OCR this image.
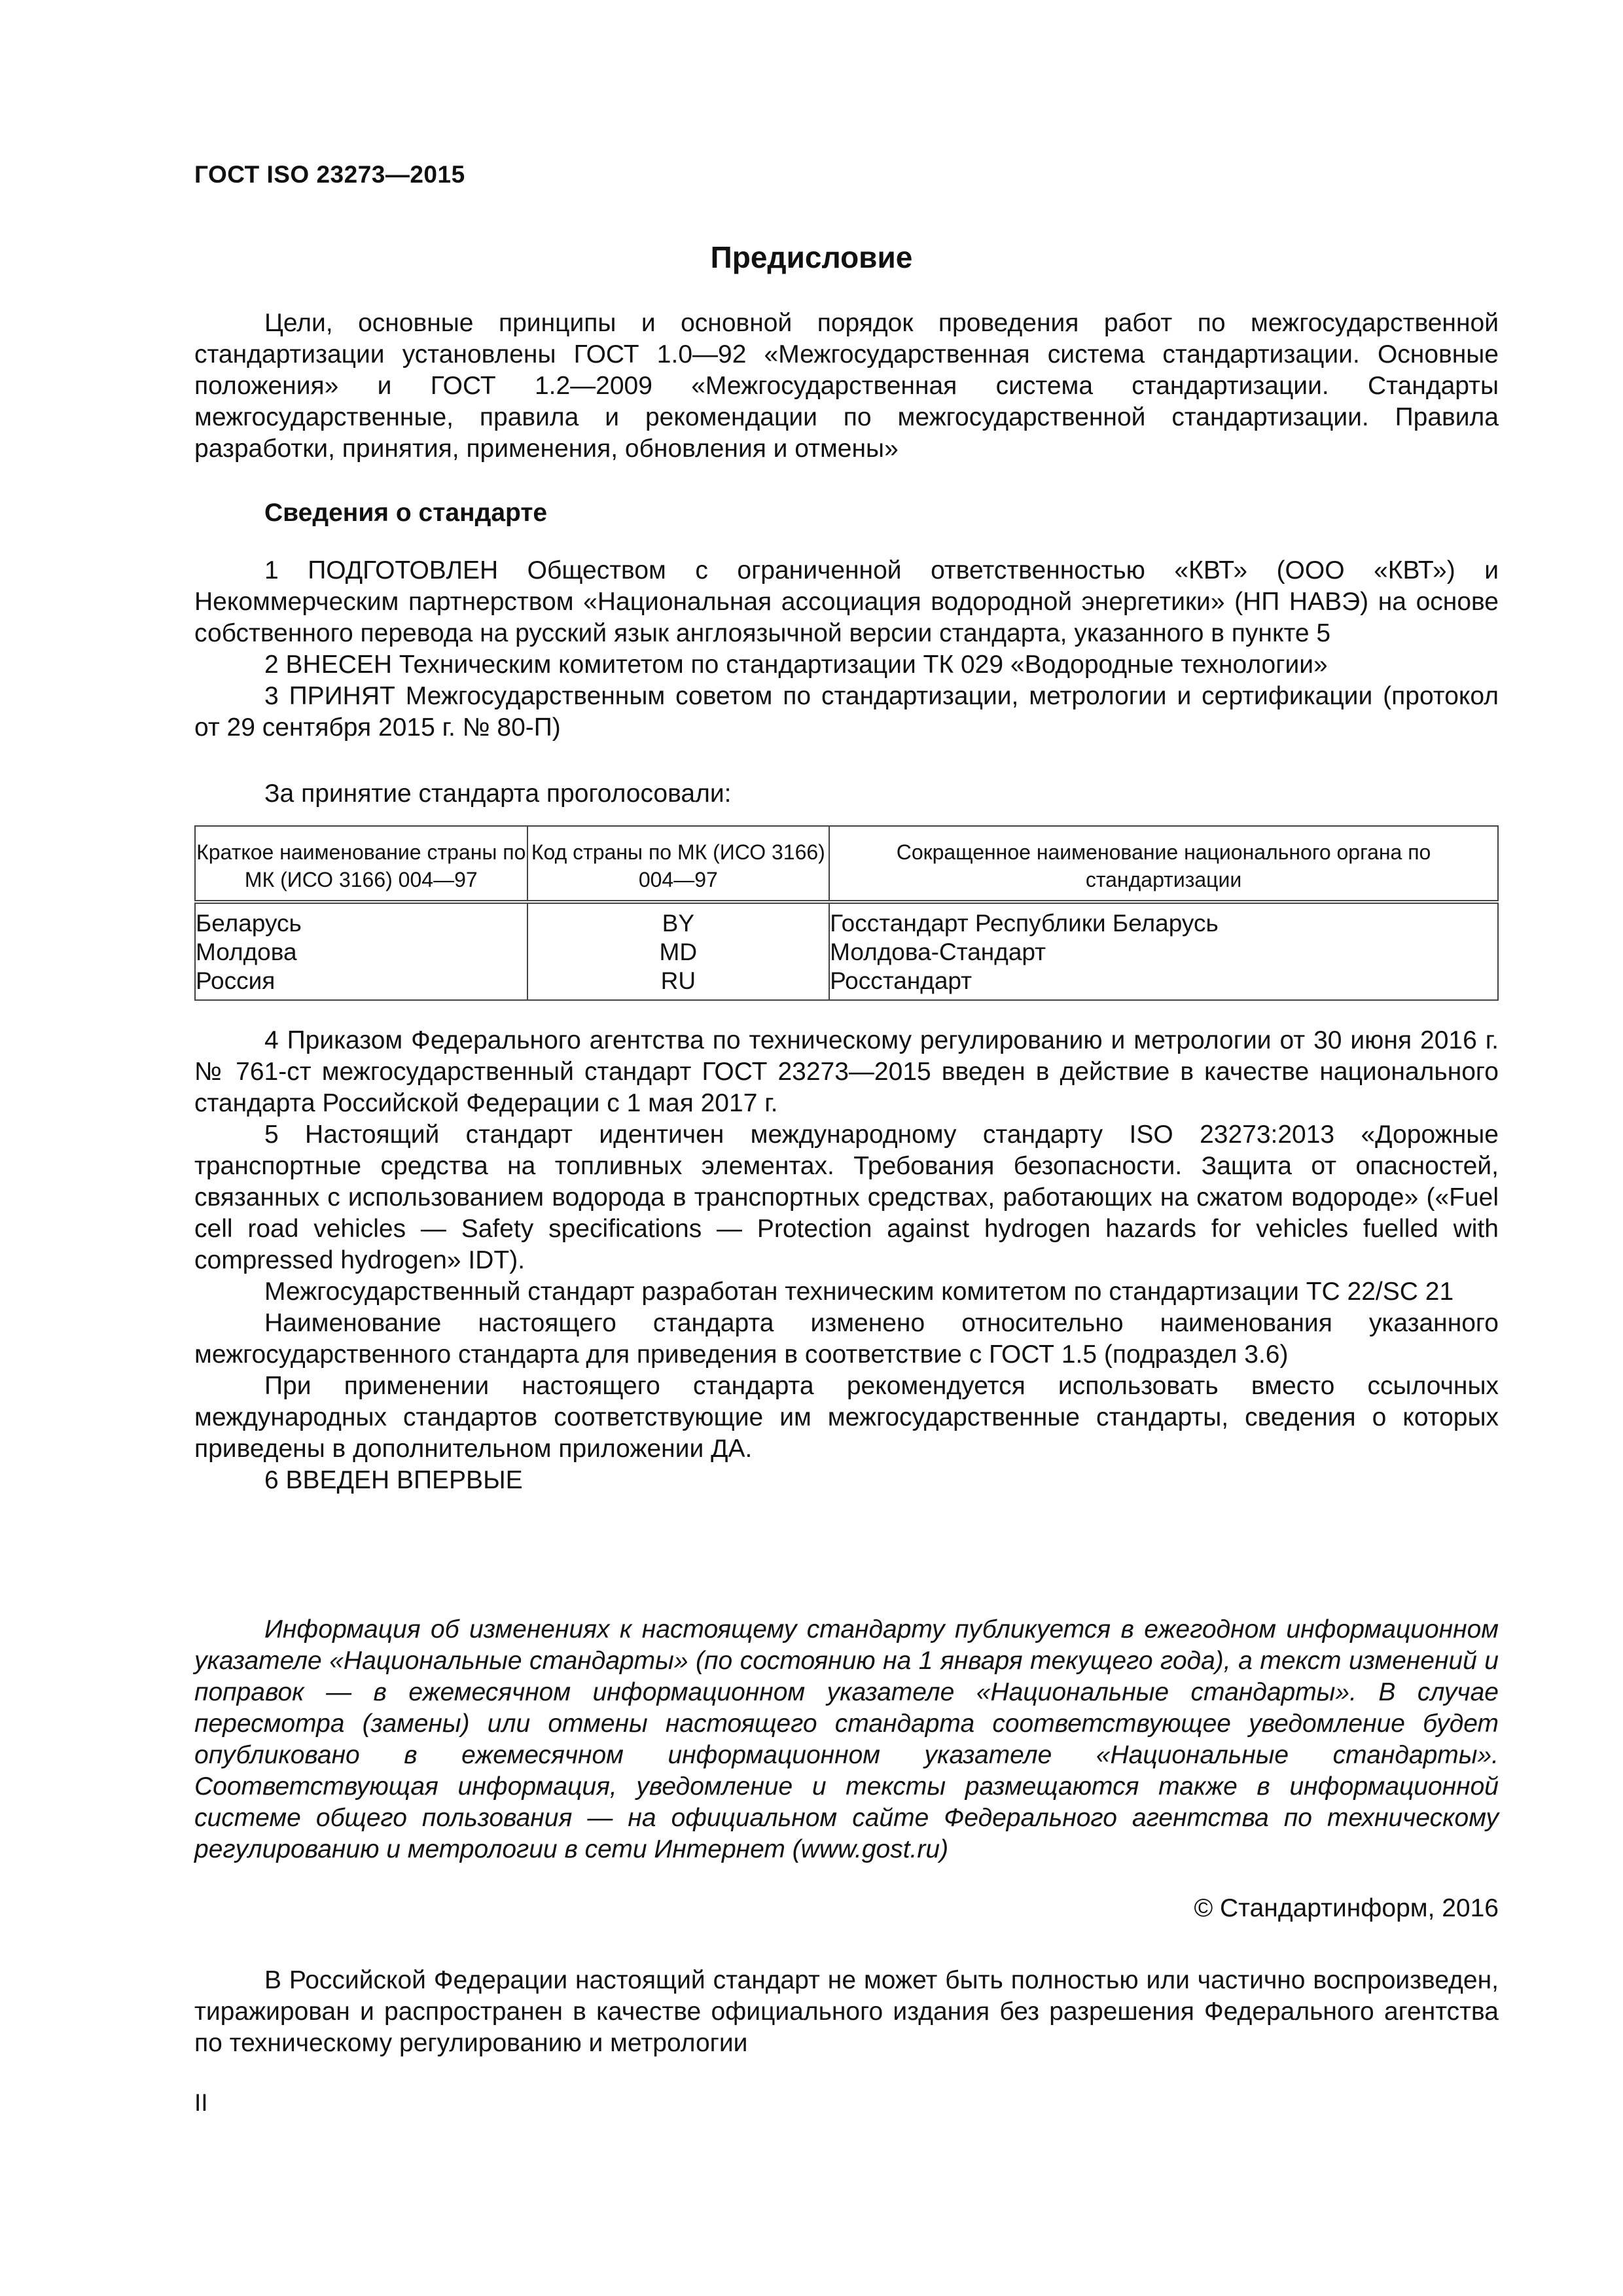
ГОСТ ISO 23273—2015
Предисловие

Цели, основные принципы и основной порядок проведения работ по межгосударственной стандартизации установлены ГОСТ 1.0—92 «Межгосударственная система стандартизации. Основные положения» и ГОСТ 1.2—2009 «Межгосударственная система стандартизации. Стандарты межгосударственные, правила и рекомендации по межгосударственной стандартизации. Правила разработки, принятия, применения, обновления и отмены»

Сведения о стандарте

1 ПОДГОТОВЛЕН Обществом с ограниченной ответственностью «КВТ» (ООО «КВТ») и Некоммерческим партнерством «Национальная ассоциация водородной энергетики» (НП НАВЭ) на основе собственного перевода на русский язык англоязычной версии стандарта, указанного в пункте 5

2 ВНЕСЕН Техническим комитетом по стандартизации ТК 029 «Водородные технологии»

3 ПРИНЯТ Межгосударственным советом по стандартизации, метрологии и сертификации (протокол от 29 сентября 2015 г. № 80-П)

За принятие стандарта проголосовали:
Краткое наименование страны по МК (ИСО 3166) 004—97	Код страны по МК (ИСО 3166) 004—97	Сокращенное наименование национального органа по стандартизации
Беларусь	BY	Госстандарт Республики Беларусь
Молдова	MD	Молдова-Стандарт
Россия	RU	Росстандарт

4 Приказом Федерального агентства по техническому регулированию и метрологии от 30 июня 2016 г. № 761-ст межгосударственный стандарт ГОСТ 23273—2015 введен в действие в качестве национального стандарта Российской Федерации с 1 мая 2017 г.

5 Настоящий стандарт идентичен международному стандарту ISO 23273:2013 «Дорожные транспортные средства на топливных элементах. Требования безопасности. Защита от опасностей, связанных с использованием водорода в транспортных средствах, работающих на сжатом водороде» («Fuel cell road vehicles — Safety specifications — Protection against hydrogen hazards for vehicles fuelled with compressed hydrogen» IDT).

Межгосударственный стандарт разработан техническим комитетом по стандартизации TC 22/SC 21

Наименование настоящего стандарта изменено относительно наименования указанного межгосударственного стандарта для приведения в соответствие с ГОСТ 1.5 (подраздел 3.6)

При применении настоящего стандарта рекомендуется использовать вместо ссылочных международных стандартов соответствующие им межгосударственные стандарты, сведения о которых приведены в дополнительном приложении ДА.

6 ВВЕДЕН ВПЕРВЫЕ

Информация об изменениях к настоящему стандарту публикуется в ежегодном информационном указателе «Национальные стандарты» (по состоянию на 1 января текущего года), а текст изменений и поправок — в ежемесячном информационном указателе «Национальные стандарты». В случае пересмотра (замены) или отмены настоящего стандарта соответствующее уведомление будет опубликовано в ежемесячном информационном указателе «Национальные стандарты». Соответствующая информация, уведомление и тексты размещаются также в информационной системе общего пользования — на официальном сайте Федерального агентства по техническому регулированию и метрологии в сети Интернет (www.gost.ru)

© Стандартинформ, 2016

В Российской Федерации настоящий стандарт не может быть полностью или частично воспроизведен, тиражирован и распространен в качестве официального издания без разрешения Федерального агентства по техническому регулированию и метрологии

II
